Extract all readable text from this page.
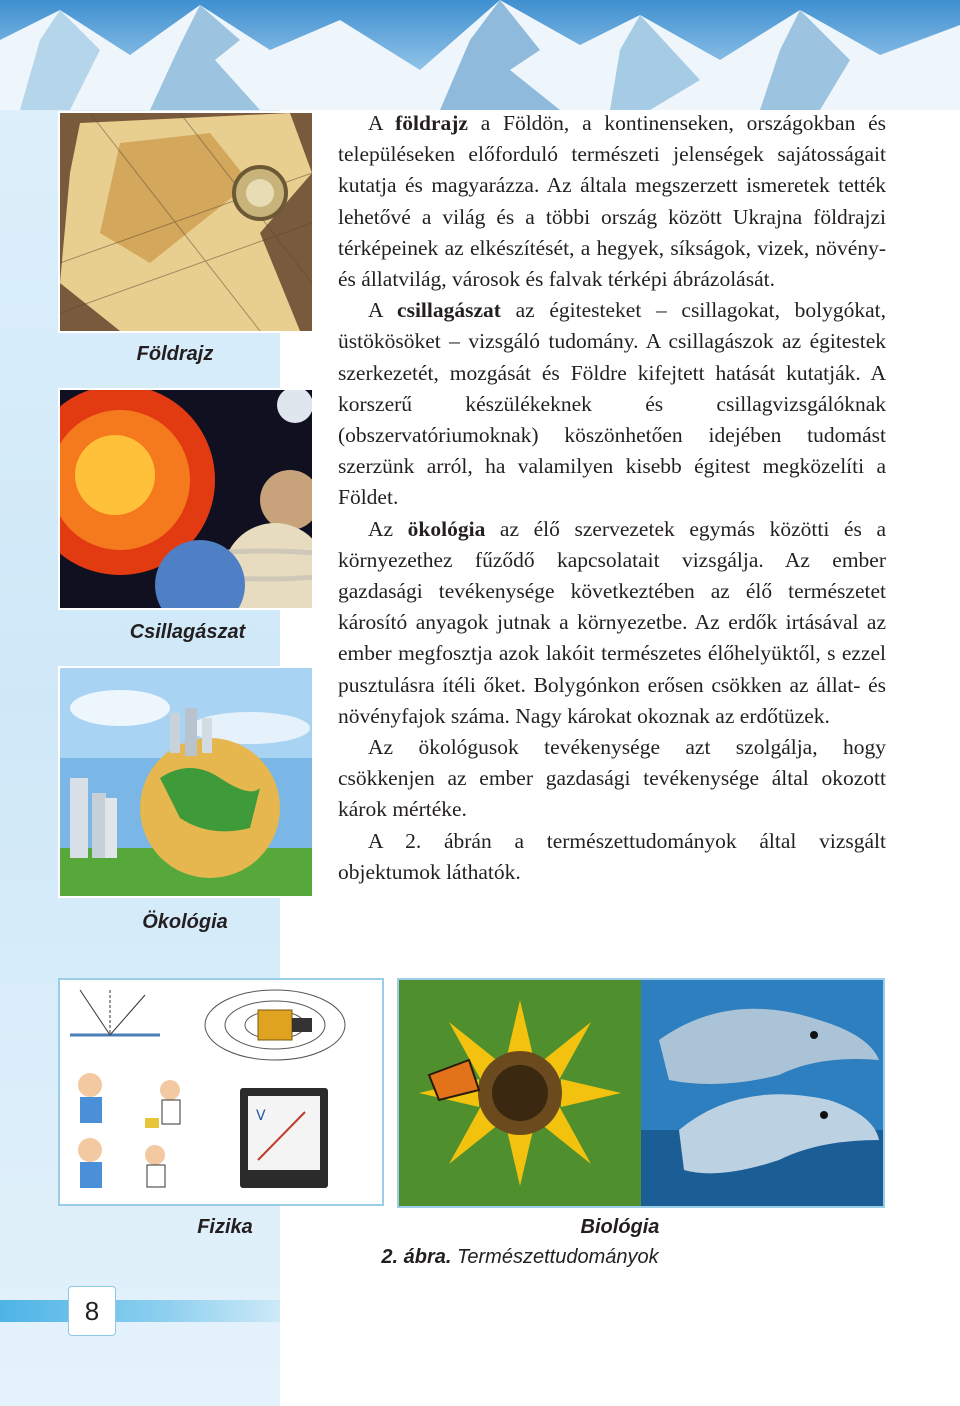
Földrajz
Csillagászat
Ökológia

A földrajz a Földön, a kontinenseken, országokban és településeken előforduló természeti jelenségek sajátosságait kutatja és magyarázza. Az általa megszerzett ismeretek tették lehetővé a világ és a többi ország között Ukrajna földrajzi térképeinek az elkészítését, a hegyek, síkságok, vizek, növény- és állatvilág, városok és falvak térképi ábrázolását.

A csillagászat az égitesteket – csillagokat, bolygókat, üstökösöket – vizsgáló tudomány. A csillagászok az égitestek szerkezetét, mozgását és Földre kifejtett hatását kutatják. A korszerű készülékeknek és csillagvizsgálóknak (obszervatóriumoknak) köszönhetően idejében tudomást szerzünk arról, ha valamilyen kisebb égitest megközelíti a Földet.

Az ökológia az élő szervezetek egymás közötti és a környezethez fűződő kapcsolatait vizsgálja. Az ember gazdasági tevékenysége következtében az élő természetet károsító anyagok jutnak a környezetbe. Az erdők irtásával az ember megfosztja azok lakóit természetes élőhelyüktől, s ezzel pusztulásra ítéli őket. Bolygónkon erősen csökken az állat- és növényfajok száma. Nagy károkat okoznak az erdőtüzek.

Az ökológusok tevékenysége azt szolgálja, hogy csökkenjen az ember gazdasági tevékenysége által okozott károk mértéke.

A 2. ábrán a természettudományok által vizsgált objektumok láthatók.

V
Fizika	Biológia
2. ábra. Természettudományok
8
